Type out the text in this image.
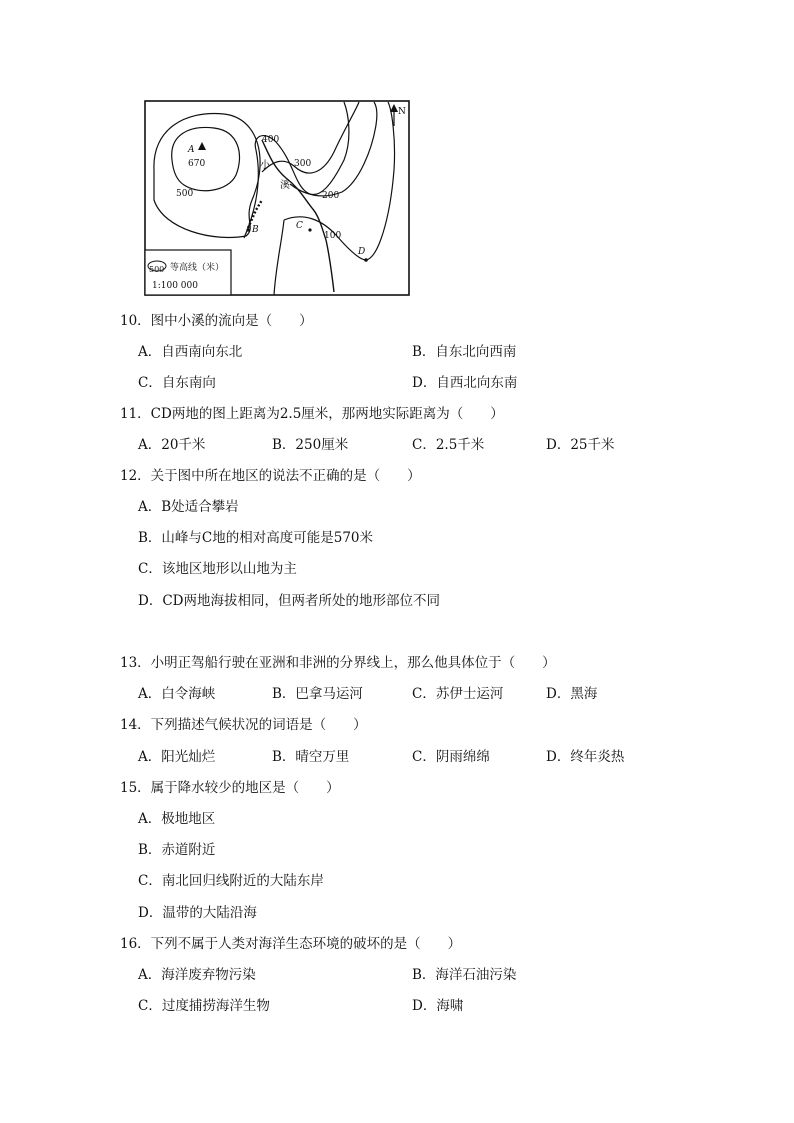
N
A
670
400
300
200
100
500
B	C
D
小
溪
500 等高线（米）
1:100 000
10．图中小溪的流向是（　　）
A．自西南向东北	B．自东北向西南
C．自东南向	D．自西北向东南
11．CD两地的图上距离为2.5厘米，那两地实际距离为（　　）
A．20千米	B．250厘米	C．2.5千米	D．25千米
12．关于图中所在地区的说法不正确的是（　　）
A．B处适合攀岩
B．山峰与C地的相对高度可能是570米
C．该地区地形以山地为主
D．CD两地海拔相同，但两者所处的地形部位不同
13．小明正驾船行驶在亚洲和非洲的分界线上，那么他具体位于（　　）
A．白令海峡	B．巴拿马运河	C．苏伊士运河	D．黑海
14．下列描述气候状况的词语是（　　）
A．阳光灿烂	B．晴空万里	C．阴雨绵绵	D．终年炎热
15．属于降水较少的地区是（　　）
A．极地地区
B．赤道附近
C．南北回归线附近的大陆东岸
D．温带的大陆沿海
16．下列不属于人类对海洋生态环境的破坏的是（　　）
A．海洋废弃物污染	B．海洋石油污染
C．过度捕捞海洋生物	D．海啸
